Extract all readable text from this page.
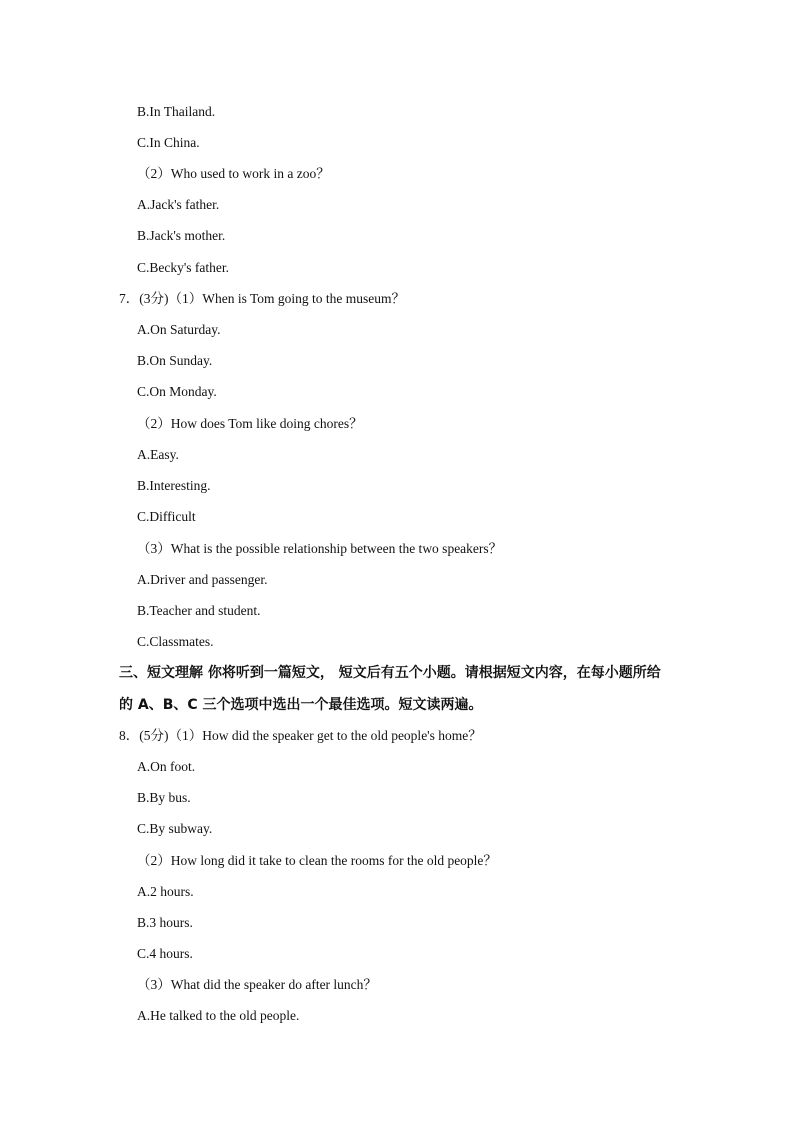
B.In Thailand.
C.In China.
（2）Who used to work in a zoo？
A.Jack's father.
B.Jack's mother.
C.Becky's father.
7．(3分)（1）When is Tom going to the museum？
A.On Saturday.
B.On Sunday.
C.On Monday.
（2）How does Tom like doing chores？
A.Easy.
B.Interesting.
C.Difficult
（3）What is the possible relationship between the two speakers？
A.Driver and passenger.
B.Teacher and student.
C.Classmates.
三、短文理解 你将听到一篇短文， 短文后有五个小题。请根据短文内容，在每小题所给
的 A、B、C 三个选项中选出一个最佳选项。短文读两遍。
8．(5分)（1）How did the speaker get to the old people's home？
A.On foot.
B.By bus.
C.By subway.
（2）How long did it take to clean the rooms for the old people？
A.2 hours.
B.3 hours.
C.4 hours.
（3）What did the speaker do after lunch？
A.He talked to the old people.
